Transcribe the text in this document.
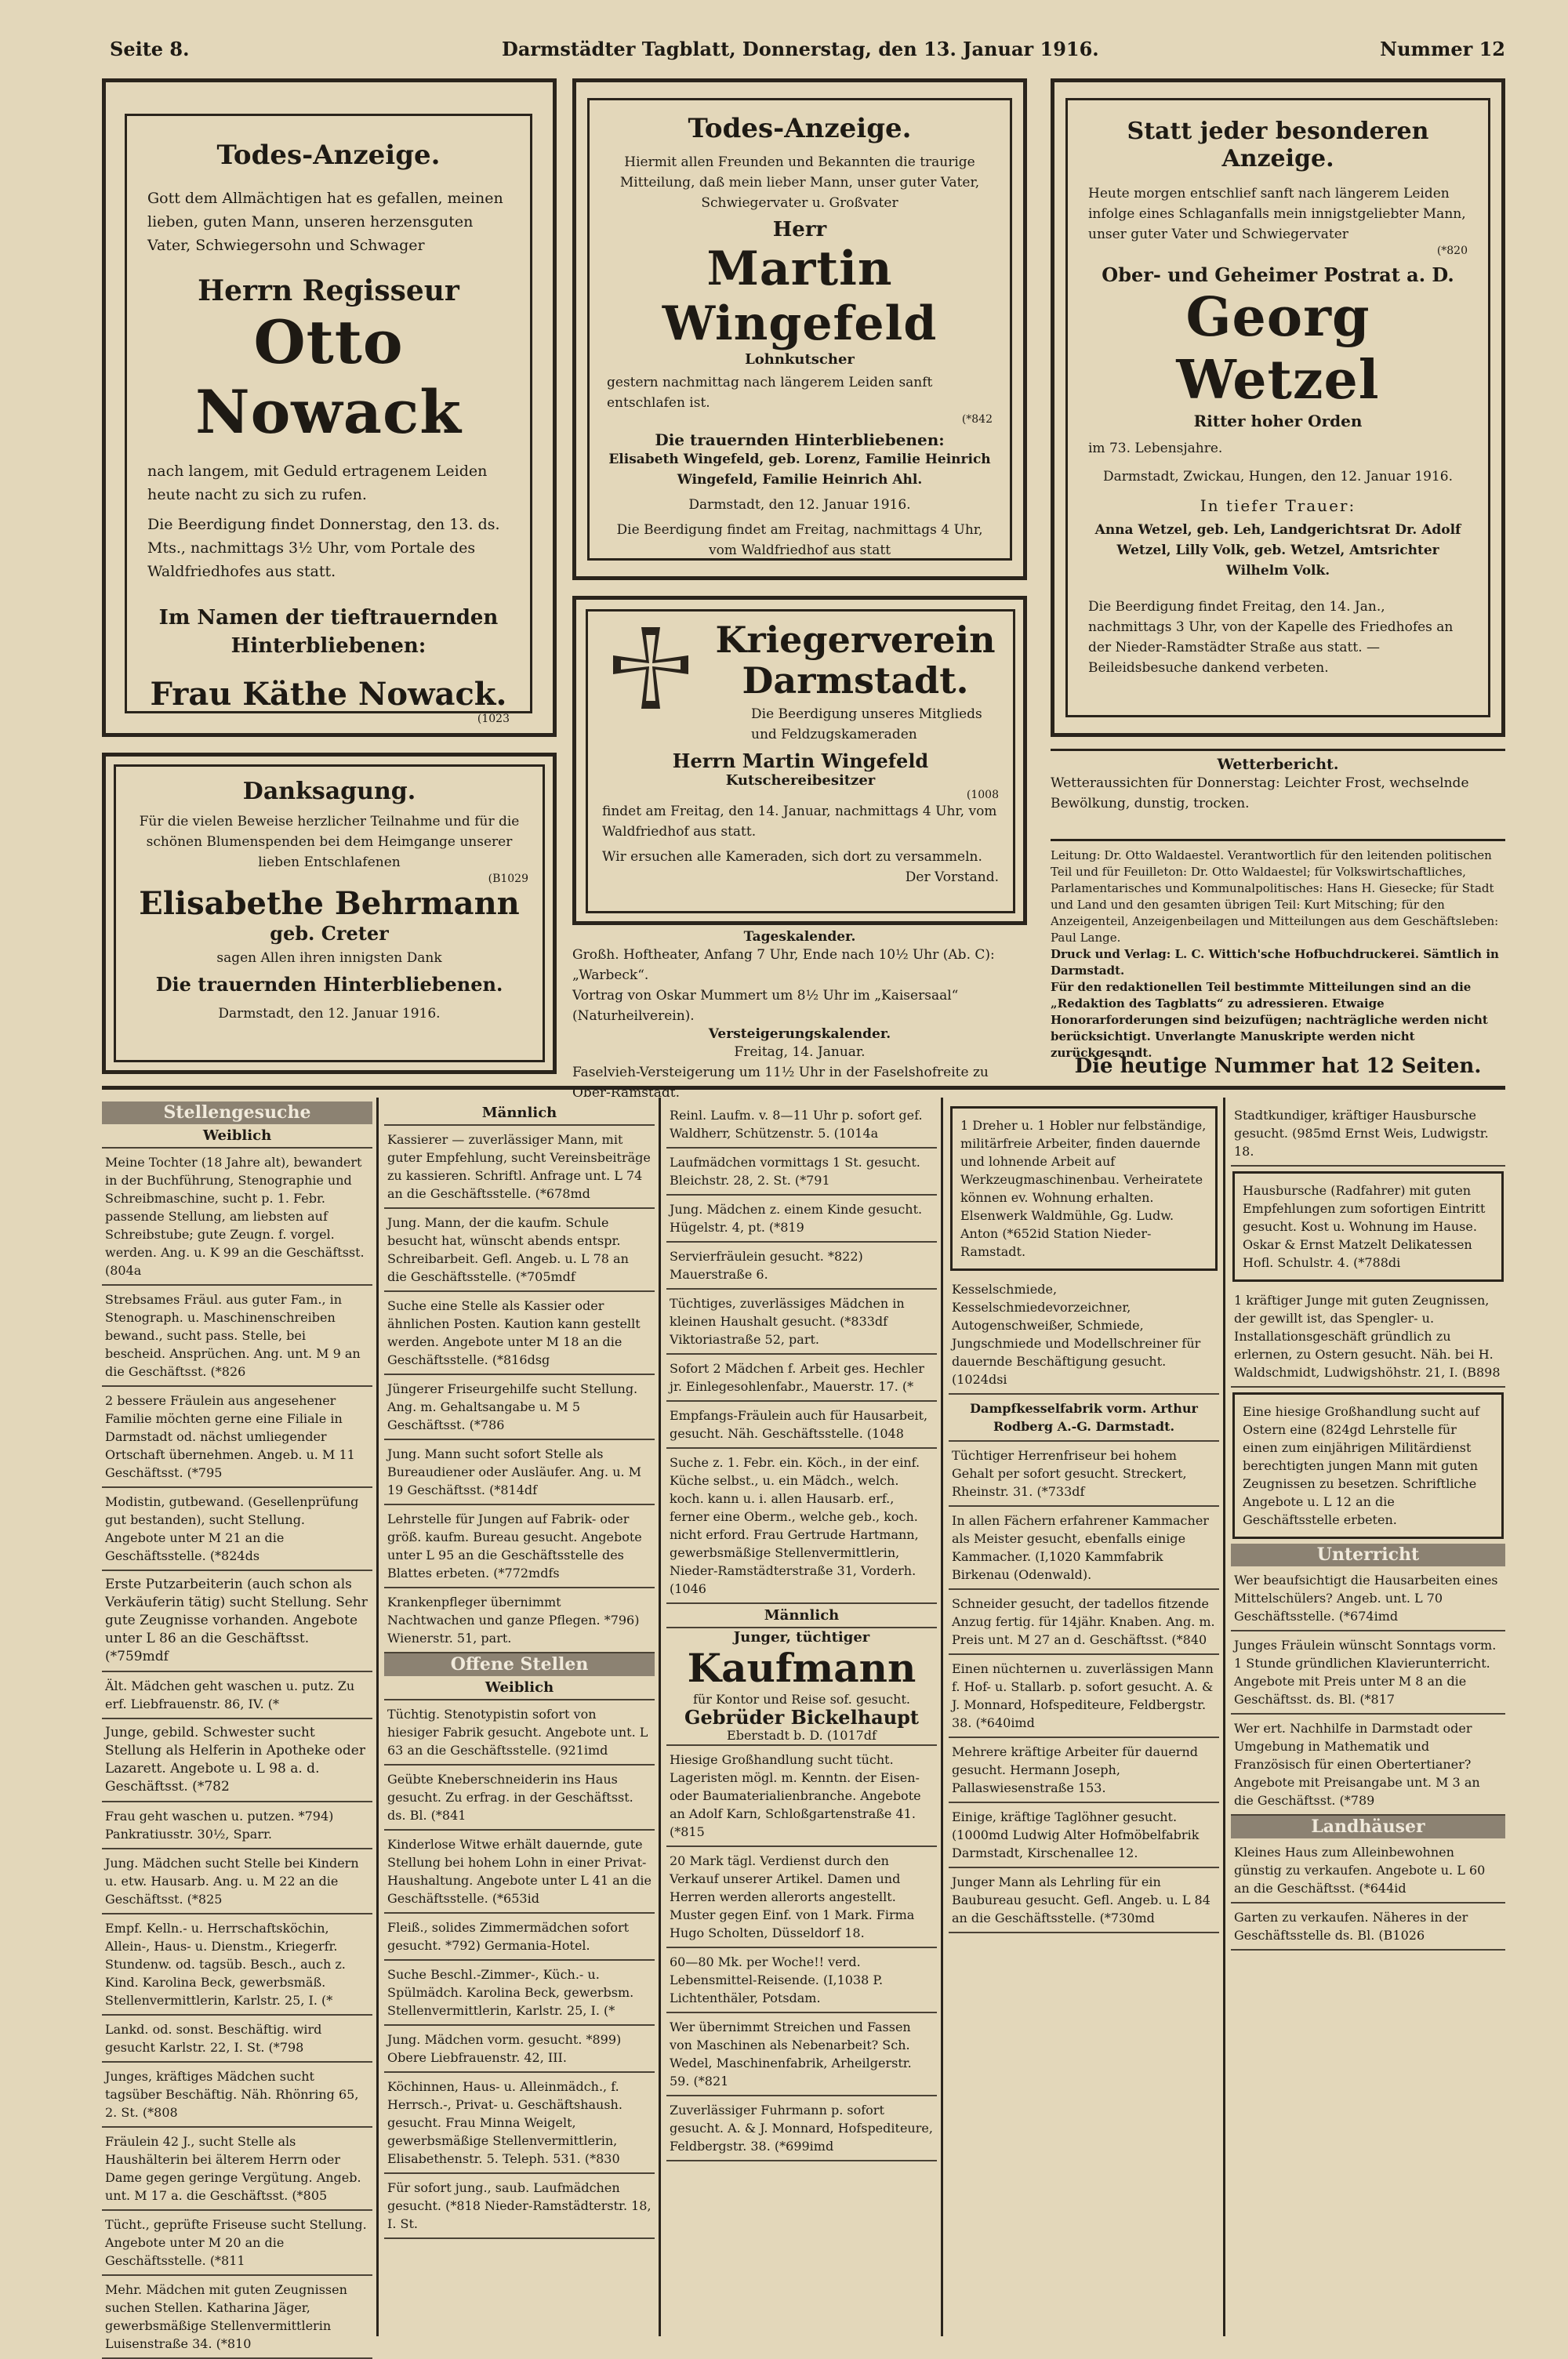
Seite 8.	Darmstädter Tagblatt, Donnerstag, den 13. Januar 1916.	Nummer 12
Todes-Anzeige.
Gott dem Allmächtigen hat es gefallen, meinen lieben, guten Mann, unseren herzensguten Vater, Schwiegersohn und Schwager
Herrn Regisseur
Otto Nowack
nach langem, mit Geduld ertragenem Leiden heute nacht zu sich zu rufen.
Die Beerdigung findet Donnerstag, den 13. ds. Mts., nachmittags 3½ Uhr, vom Portale des Waldfriedhofes aus statt.
Im Namen der tieftrauernden Hinterbliebenen:
Frau Käthe Nowack.
(1023
Todes-Anzeige.
Hiermit allen Freunden und Bekannten die traurige Mitteilung, daß mein lieber Mann, unser guter Vater, Schwiegervater u. Großvater
Herr
Martin Wingefeld
Lohnkutscher
gestern nachmittag nach längerem Leiden sanft entschlafen ist.
(*842
Die trauernden Hinterbliebenen:
Elisabeth Wingefeld, geb. Lorenz, Familie Heinrich Wingefeld, Familie Heinrich Ahl.
Darmstadt, den 12. Januar 1916.
Die Beerdigung findet am Freitag, nachmittags 4 Uhr, vom Waldfriedhof aus statt
Statt jeder besonderen Anzeige.
Heute morgen entschlief sanft nach längerem Leiden infolge eines Schlaganfalls mein innigstgeliebter Mann, unser guter Vater und Schwiegervater
(*820
Ober- und Geheimer Postrat a. D.
Georg Wetzel
Ritter hoher Orden
im 73. Lebensjahre.
Darmstadt, Zwickau, Hungen, den 12. Januar 1916.
In tiefer Trauer:
Anna Wetzel, geb. Leh, Landgerichtsrat Dr. Adolf Wetzel, Lilly Volk, geb. Wetzel, Amtsrichter Wilhelm Volk.
Die Beerdigung findet Freitag, den 14. Jan., nachmittags 3 Uhr, von der Kapelle des Friedhofes an der Nieder-Ramstädter Straße aus statt. — Beileidsbesuche dankend verbeten.
Danksagung.
Für die vielen Beweise herzlicher Teilnahme und für die schönen Blumenspenden bei dem Heimgange unserer lieben Entschlafenen
(B1029
Elisabethe Behrmann
geb. Creter
sagen Allen ihren innigsten Dank
Die trauernden Hinterbliebenen.
Darmstadt, den 12. Januar 1916.
Kriegerverein Darmstadt.
Die Beerdigung unseres Mitglieds und Feldzugskameraden
Herrn Martin Wingefeld
Kutschereibesitzer
(1008
findet am Freitag, den 14. Januar, nachmittags 4 Uhr, vom Waldfriedhof aus statt.
Wir ersuchen alle Kameraden, sich dort zu versammeln.
Der Vorstand.
Tageskalender.
Großh. Hoftheater, Anfang 7 Uhr, Ende nach 10½ Uhr (Ab. C): „Warbeck“.
Vortrag von Oskar Mummert um 8½ Uhr im „Kaisersaal“ (Naturheilverein).
Versteigerungskalender.
Freitag, 14. Januar.
Faselvieh-Versteigerung um 11½ Uhr in der Faselshofreite zu Ober-Ramstadt.
Wetterbericht.
Wetteraussichten für Donnerstag: Leichter Frost, wechselnde Bewölkung, dunstig, trocken.
Leitung: Dr. Otto Waldaestel. Verantwortlich für den leitenden politischen Teil und für Feuilleton: Dr. Otto Waldaestel; für Volkswirtschaftliches, Parlamentarisches und Kommunalpolitisches: Hans H. Giesecke; für Stadt und Land und den gesamten übrigen Teil: Kurt Mitsching; für den Anzeigenteil, Anzeigenbeilagen und Mitteilungen aus dem Geschäftsleben: Paul Lange.
Druck und Verlag: L. C. Wittich'sche Hofbuchdruckerei. Sämtlich in Darmstadt.
Für den redaktionellen Teil bestimmte Mitteilungen sind an die „Redaktion des Tagblatts“ zu adressieren. Etwaige Honorarforderungen sind beizufügen; nachträgliche werden nicht berücksichtigt. Unverlangte Manuskripte werden nicht zurückgesandt.
Die heutige Nummer hat 12 Seiten.
Stellengesuche
Weiblich

Meine Tochter (18 Jahre alt), bewandert in der Buchführung, Stenographie und Schreibmaschine, sucht p. 1. Febr. passende Stellung, am liebsten auf Schreibstube; gute Zeugn. f. vorgel. werden. Ang. u. K 99 an die Geschäftsst. (804a

Strebsames Fräul. aus guter Fam., in Stenograph. u. Maschinenschreiben bewand., sucht pass. Stelle, bei bescheid. Ansprüchen. Ang. unt. M 9 an die Geschäftsst. (*826

2 bessere Fräulein aus angesehener Familie möchten gerne eine Filiale in Darmstadt od. nächst umliegender Ortschaft übernehmen. Angeb. u. M 11 Geschäftsst. (*795

Modistin, gutbewand. (Gesellenprüfung gut bestanden), sucht Stellung. Angebote unter M 21 an die Geschäftsstelle. (*824ds

Erste Putzarbeiterin (auch schon als Verkäuferin tätig) sucht Stellung. Sehr gute Zeugnisse vorhanden. Angebote unter L 86 an die Geschäftsst. (*759mdf

Ält. Mädchen geht waschen u. putz. Zu erf. Liebfrauenstr. 86, IV. (*

Junge, gebild. Schwester sucht Stellung als Helferin in Apotheke oder Lazarett. Angebote u. L 98 a. d. Geschäftsst. (*782

Frau geht waschen u. putzen. *794) Pankratiusstr. 30½, Sparr.

Jung. Mädchen sucht Stelle bei Kindern u. etw. Hausarb. Ang. u. M 22 an die Geschäftsst. (*825

Empf. Kelln.- u. Herrschaftsköchin, Allein-, Haus- u. Dienstm., Kriegerfr. Stundenw. od. tagsüb. Besch., auch z. Kind. Karolina Beck, gewerbsmäß. Stellenvermittlerin, Karlstr. 25, I. (*

Lankd. od. sonst. Beschäftig. wird gesucht Karlstr. 22, I. St. (*798

Junges, kräftiges Mädchen sucht tagsüber Beschäftig. Näh. Rhönring 65, 2. St. (*808

Fräulein 42 J., sucht Stelle als Haushälterin bei älterem Herrn oder Dame gegen geringe Vergütung. Angeb. unt. M 17 a. die Geschäftsst. (*805

Tücht., geprüfte Friseuse sucht Stellung. Angebote unter M 20 an die Geschäftsstelle. (*811

Mehr. Mädchen mit guten Zeugnissen suchen Stellen. Katharina Jäger, gewerbsmäßige Stellenvermittlerin Luisenstraße 34. (*810

Männlich

Kassierer — zuverlässiger Mann, mit guter Empfehlung, sucht Vereinsbeiträge zu kassieren. Schriftl. Anfrage unt. L 74 an die Geschäftsstelle. (*678md

Jung. Mann, der die kaufm. Schule besucht hat, wünscht abends entspr. Schreibarbeit. Gefl. Angeb. u. L 78 an die Geschäftsstelle. (*705mdf

Suche eine Stelle als Kassier oder ähnlichen Posten. Kaution kann gestellt werden. Angebote unter M 18 an die Geschäftsstelle. (*816dsg

Jüngerer Friseurgehilfe sucht Stellung. Ang. m. Gehaltsangabe u. M 5 Geschäftsst. (*786

Jung. Mann sucht sofort Stelle als Bureaudiener oder Ausläufer. Ang. u. M 19 Geschäftsst. (*814df

Lehrstelle für Jungen auf Fabrik- oder größ. kaufm. Bureau gesucht. Angebote unter L 95 an die Geschäftsstelle des Blattes erbeten. (*772mdfs

Krankenpfleger übernimmt Nachtwachen und ganze Pflegen. *796) Wienerstr. 51, part.

Offene Stellen
Weiblich

Tüchtig. Stenotypistin sofort von hiesiger Fabrik gesucht. Angebote unt. L 63 an die Geschäftsstelle. (921imd

Geübte Kneberschneiderin ins Haus gesucht. Zu erfrag. in der Geschäftsst. ds. Bl. (*841

Kinderlose Witwe erhält dauernde, gute Stellung bei hohem Lohn in einer Privat-Haushaltung. Angebote unter L 41 an die Geschäftsstelle. (*653id

Fleiß., solides Zimmermädchen sofort gesucht. *792) Germania-Hotel.

Suche Beschl.-Zimmer-, Küch.- u. Spülmädch. Karolina Beck, gewerbsm. Stellenvermittlerin, Karlstr. 25, I. (*

Jung. Mädchen vorm. gesucht. *899) Obere Liebfrauenstr. 42, III.

Köchinnen, Haus- u. Alleinmädch., f. Herrsch.-, Privat- u. Geschäftshaush. gesucht. Frau Minna Weigelt, gewerbsmäßige Stellenvermittlerin, Elisabethenstr. 5. Teleph. 531. (*830

Für sofort jung., saub. Laufmädchen gesucht. (*818 Nieder-Ramstädterstr. 18, I. St.

Reinl. Laufm. v. 8—11 Uhr p. sofort gef. Waldherr, Schützenstr. 5. (1014a

Laufmädchen vormittags 1 St. gesucht. Bleichstr. 28, 2. St. (*791

Jung. Mädchen z. einem Kinde gesucht. Hügelstr. 4, pt. (*819

Servierfräulein gesucht. *822) Mauerstraße 6.

Tüchtiges, zuverlässiges Mädchen in kleinen Haushalt gesucht. (*833df Viktoriastraße 52, part.

Sofort 2 Mädchen f. Arbeit ges. Hechler jr. Einlegesohlenfabr., Mauerstr. 17. (*

Empfangs-Fräulein auch für Hausarbeit, gesucht. Näh. Geschäftsstelle. (1048

Suche z. 1. Febr. ein. Köch., in der einf. Küche selbst., u. ein Mädch., welch. koch. kann u. i. allen Hausarb. erf., ferner eine Oberm., welche geb., koch. nicht erford. Frau Gertrude Hartmann, gewerbsmäßige Stellenvermittlerin, Nieder-Ramstädterstraße 31, Vorderh. (1046

Männlich
Junger, tüchtiger
Kaufmann
für Kontor und Reise sof. gesucht.
Gebrüder Bickelhaupt
Eberstadt b. D. (1017df

Hiesige Großhandlung sucht tücht. Lageristen mögl. m. Kenntn. der Eisen- oder Baumaterialienbranche. Angebote an Adolf Karn, Schloßgartenstraße 41. (*815

20 Mark tägl. Verdienst durch den Verkauf unserer Artikel. Damen und Herren werden allerorts angestellt. Muster gegen Einf. von 1 Mark. Firma Hugo Scholten, Düsseldorf 18.

60—80 Mk. per Woche!! verd. Lebensmittel-Reisende. (I,1038 P. Lichtenthäler, Potsdam.

Wer übernimmt Streichen und Fassen von Maschinen als Nebenarbeit? Sch. Wedel, Maschinenfabrik, Arheilgerstr. 59. (*821

Zuverlässiger Fuhrmann p. sofort gesucht. A. & J. Monnard, Hofspediteure, Feldbergstr. 38. (*699imd

1 Dreher u. 1 Hobler nur felbständige, militärfreie Arbeiter, finden dauernde und lohnende Arbeit auf Werkzeugmaschinenbau. Verheiratete können ev. Wohnung erhalten. Elsenwerk Waldmühle, Gg. Ludw. Anton (*652id Station Nieder-Ramstadt.

Kesselschmiede, Kesselschmiedevorzeichner, Autogenschweißer, Schmiede, Jungschmiede und Modellschreiner für dauernde Beschäftigung gesucht. (1024dsi

Dampfkesselfabrik vorm. Arthur Rodberg A.-G. Darmstadt.

Tüchtiger Herrenfriseur bei hohem Gehalt per sofort gesucht. Streckert, Rheinstr. 31. (*733df

In allen Fächern erfahrener Kammacher als Meister gesucht, ebenfalls einige Kammacher. (I,1020 Kammfabrik Birkenau (Odenwald).

Schneider gesucht, der tadellos fitzende Anzug fertig. für 14jähr. Knaben. Ang. m. Preis unt. M 27 an d. Geschäftsst. (*840

Einen nüchternen u. zuverlässigen Mann f. Hof- u. Stallarb. p. sofort gesucht. A. & J. Monnard, Hofspediteure, Feldbergstr. 38. (*640imd

Mehrere kräftige Arbeiter für dauernd gesucht. Hermann Joseph, Pallaswiesenstraße 153.

Einige, kräftige Taglöhner gesucht. (1000md Ludwig Alter Hofmöbelfabrik Darmstadt, Kirschenallee 12.

Junger Mann als Lehrling für ein Baubureau gesucht. Gefl. Angeb. u. L 84 an die Geschäftsstelle. (*730md

Stadtkundiger, kräftiger Hausbursche gesucht. (985md Ernst Weis, Ludwigstr. 18.

Hausbursche (Radfahrer) mit guten Empfehlungen zum sofortigen Eintritt gesucht. Kost u. Wohnung im Hause. Oskar & Ernst Matzelt Delikatessen Hofl. Schulstr. 4. (*788di

1 kräftiger Junge mit guten Zeugnissen, der gewillt ist, das Spengler- u. Installationsgeschäft gründlich zu erlernen, zu Ostern gesucht. Näh. bei H. Waldschmidt, Ludwigshöhstr. 21, I. (B898

Eine hiesige Großhandlung sucht auf Ostern eine (824gd Lehrstelle für einen zum einjährigen Militärdienst berechtigten jungen Mann mit guten Zeugnissen zu besetzen. Schriftliche Angebote u. L 12 an die Geschäftsstelle erbeten.
Unterricht

Wer beaufsichtigt die Hausarbeiten eines Mittelschülers? Angeb. unt. L 70 Geschäftsstelle. (*674imd

Junges Fräulein wünscht Sonntags vorm. 1 Stunde gründlichen Klavierunterricht. Angebote mit Preis unter M 8 an die Geschäftsst. ds. Bl. (*817

Wer ert. Nachhilfe in Darmstadt oder Umgebung in Mathematik und Französisch für einen Obertertianer? Angebote mit Preisangabe unt. M 3 an die Geschäftsst. (*789

Landhäuser

Kleines Haus zum Alleinbewohnen günstig zu verkaufen. Angebote u. L 60 an die Geschäftsst. (*644id

Garten zu verkaufen. Näheres in der Geschäftsstelle ds. Bl. (B1026
